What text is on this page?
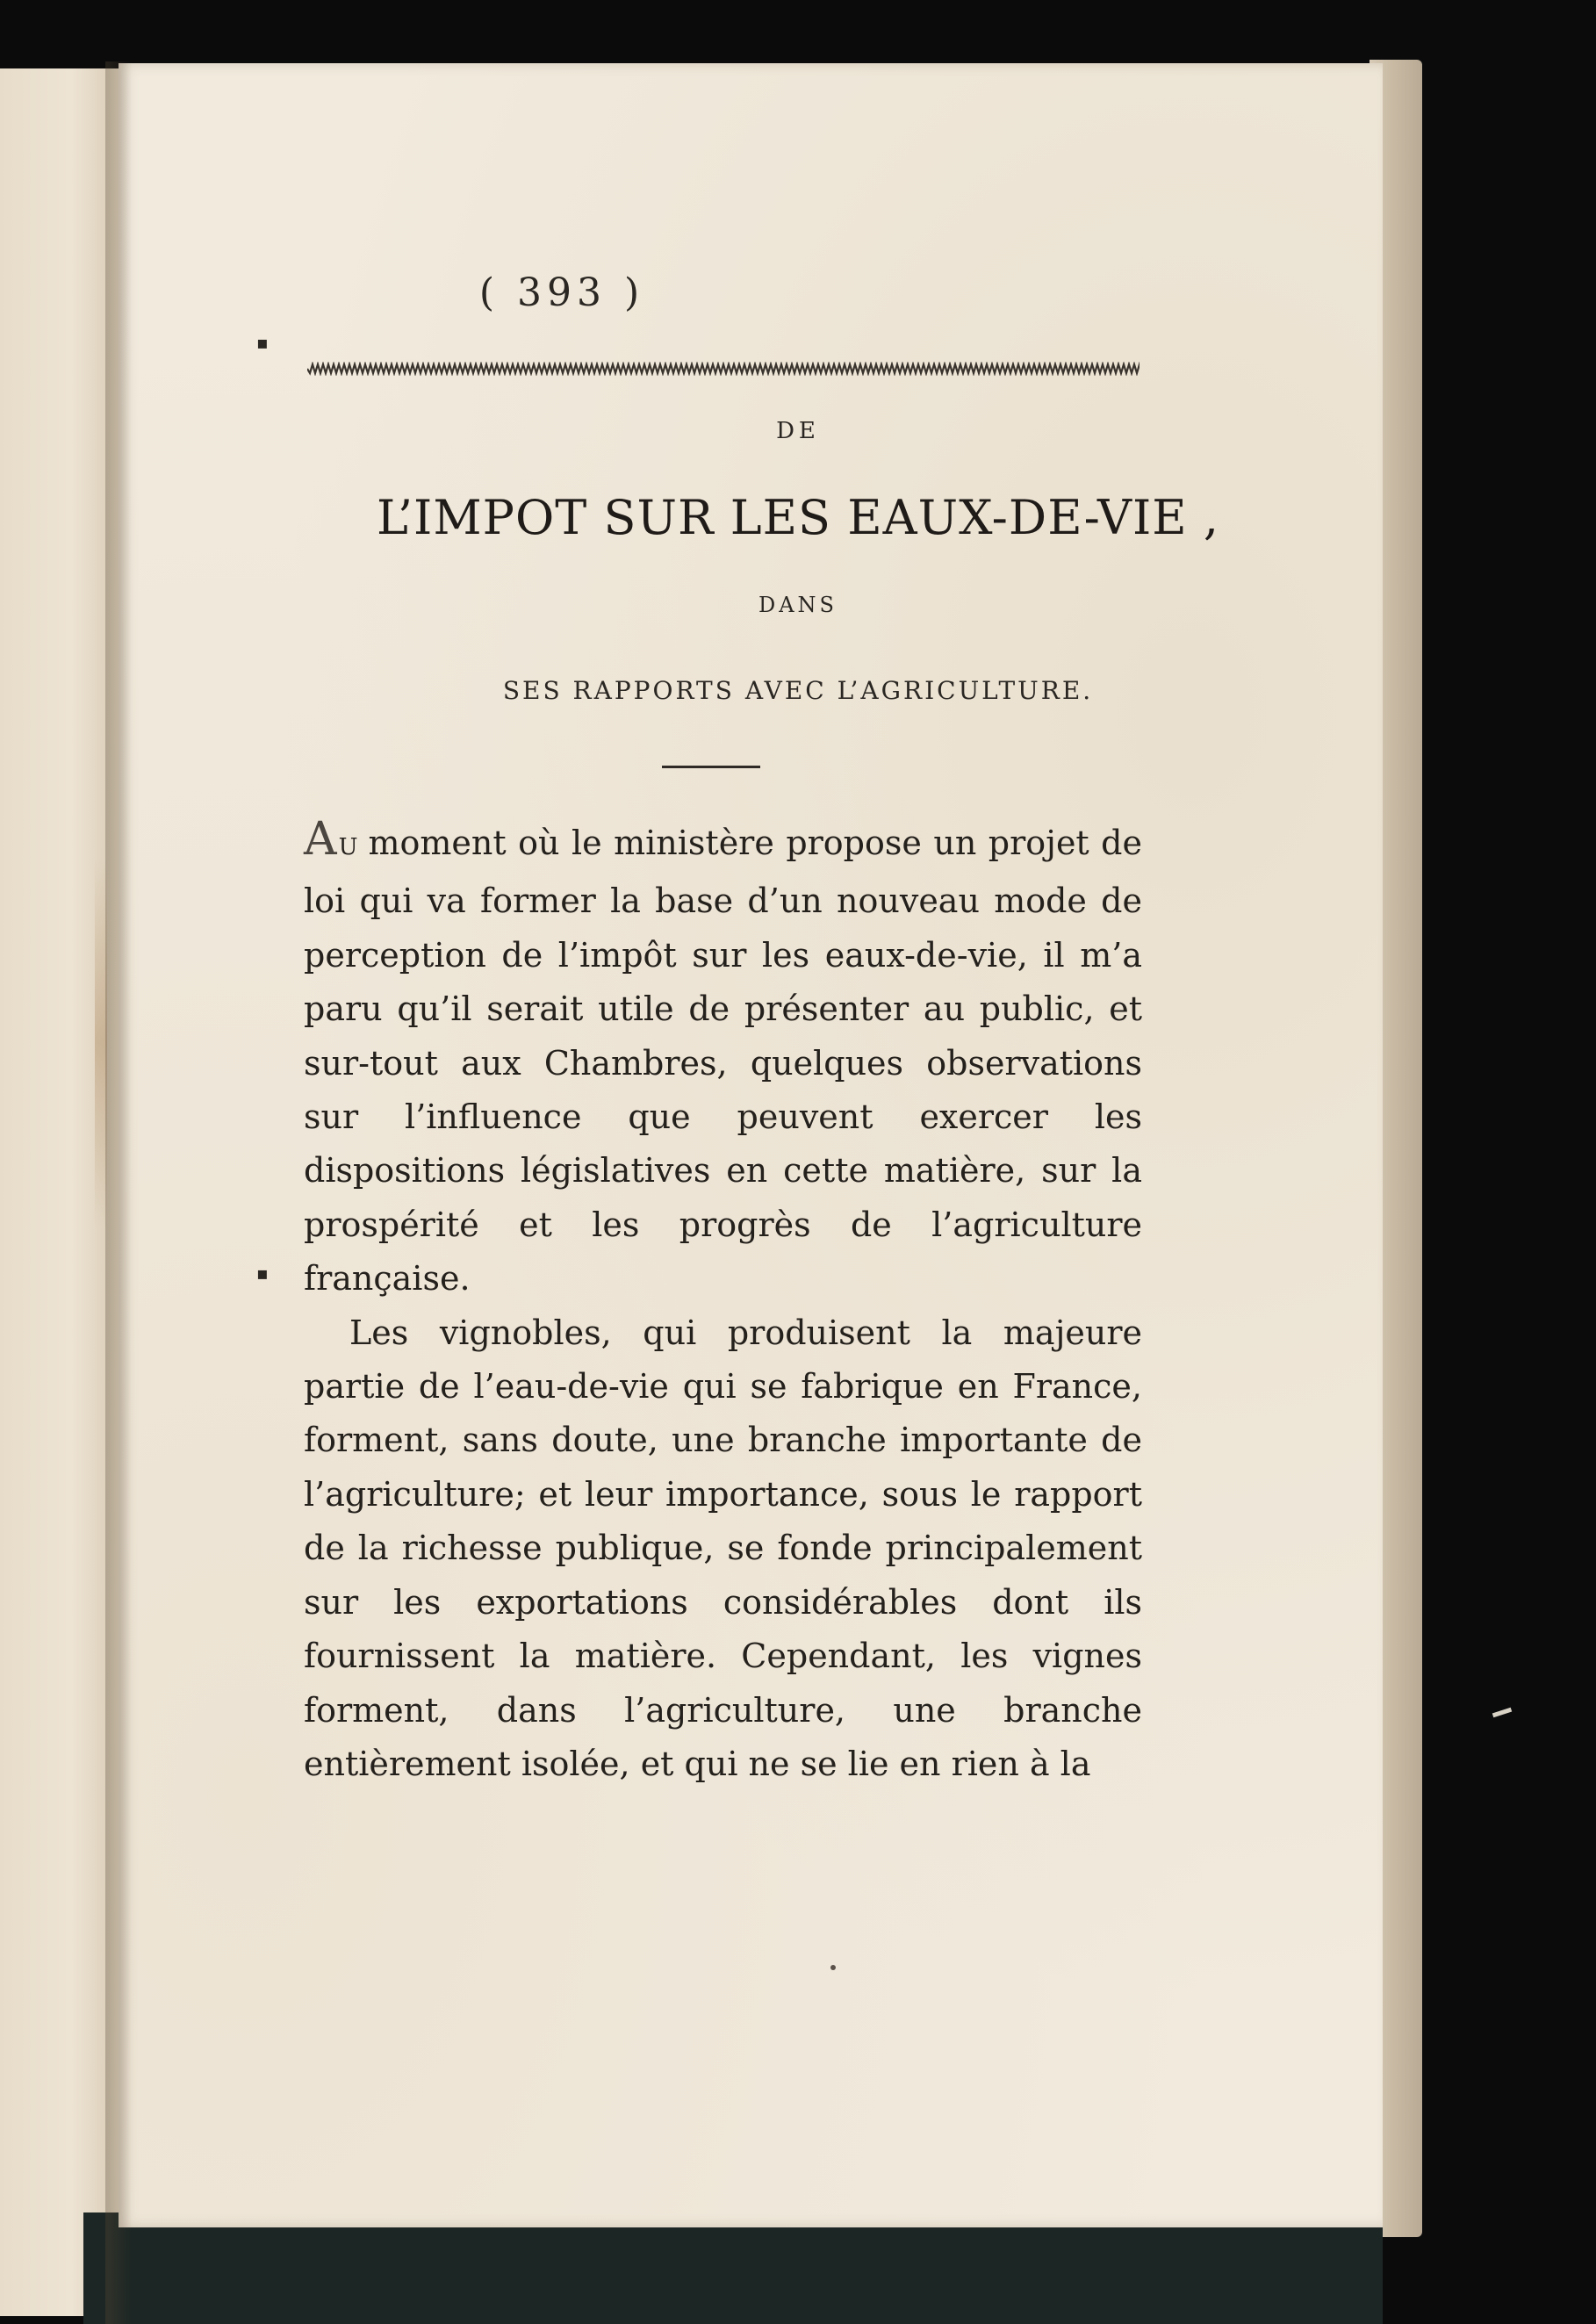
( 393 )
DE
L’IMPOT SUR LES EAUX-DE-VIE ,
DANS
SES RAPPORTS AVEC L’AGRICULTURE.

AU moment où le ministère propose un projet de loi qui va former la base d’un nouveau mode de perception de l’impôt sur les eaux-de-vie, il m’a paru qu’il serait utile de présenter au public, et sur-tout aux Chambres, quelques observations sur l’influence que peuvent exercer les dispositions législatives en cette matière, sur la prospérité et les progrès de l’agriculture française.

Les vignobles, qui produisent la majeure partie de l’eau-de-vie qui se fabrique en France, forment, sans doute, une branche importante de l’agriculture; et leur importance, sous le rapport de la richesse publique, se fonde principalement sur les exportations considérables dont ils fournissent la matière. Cependant, les vignes forment, dans l’agriculture, une branche entièrement isolée, et qui ne se lie en rien à la

▪
▪
